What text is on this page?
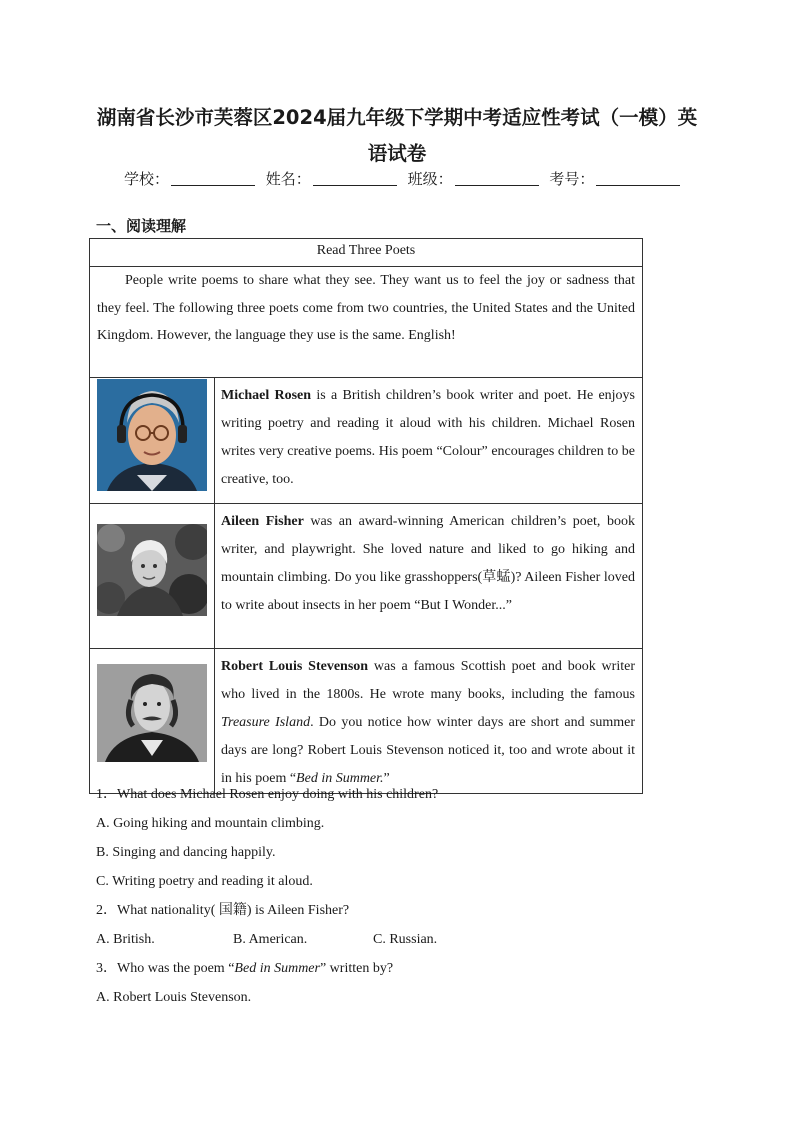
湖南省长沙市芙蓉区2024届九年级下学期中考适应性考试（一模）英
语试卷
学校：	姓名：	班级：	考号：
一、阅读理解
Read Three Poets	
People write poems to share what they see. They want us to feel the joy or sadness that they feel. The following three poets come from two countries, the United States and the United Kingdom. However, the language they use is the same. English!	

	Michael Rosen is a British children’s book writer and poet. He enjoys writing poetry and reading it aloud with his children. Michael Rosen writes very creative poems. His poem “Colour” encourages children to be creative, too.

	Aileen Fisher was an award-winning American children’s poet, book writer, and playwright. She loved nature and liked to go hiking and mountain climbing. Do you like grasshoppers(草蜢)? Aileen Fisher loved to write about insects in her poem “But I Wonder...”

	Robert Louis Stevenson was a famous Scottish poet and book writer who lived in the 1800s. He wrote many books, including the famous Treasure Island. Do you notice how winter days are short and summer days are long? Robert Louis Stevenson noticed it, too and wrote about it in his poem “Bed in Summer.”
1．What does Michael Rosen enjoy doing with his children?
A. Going hiking and mountain climbing.
B. Singing and dancing happily.
C. Writing poetry and reading it aloud.
2．What nationality( 国籍) is Aileen Fisher?
A. British.	B. American.	C. Russian.
3．Who was the poem “Bed in Summer” written by?
A. Robert Louis Stevenson.
